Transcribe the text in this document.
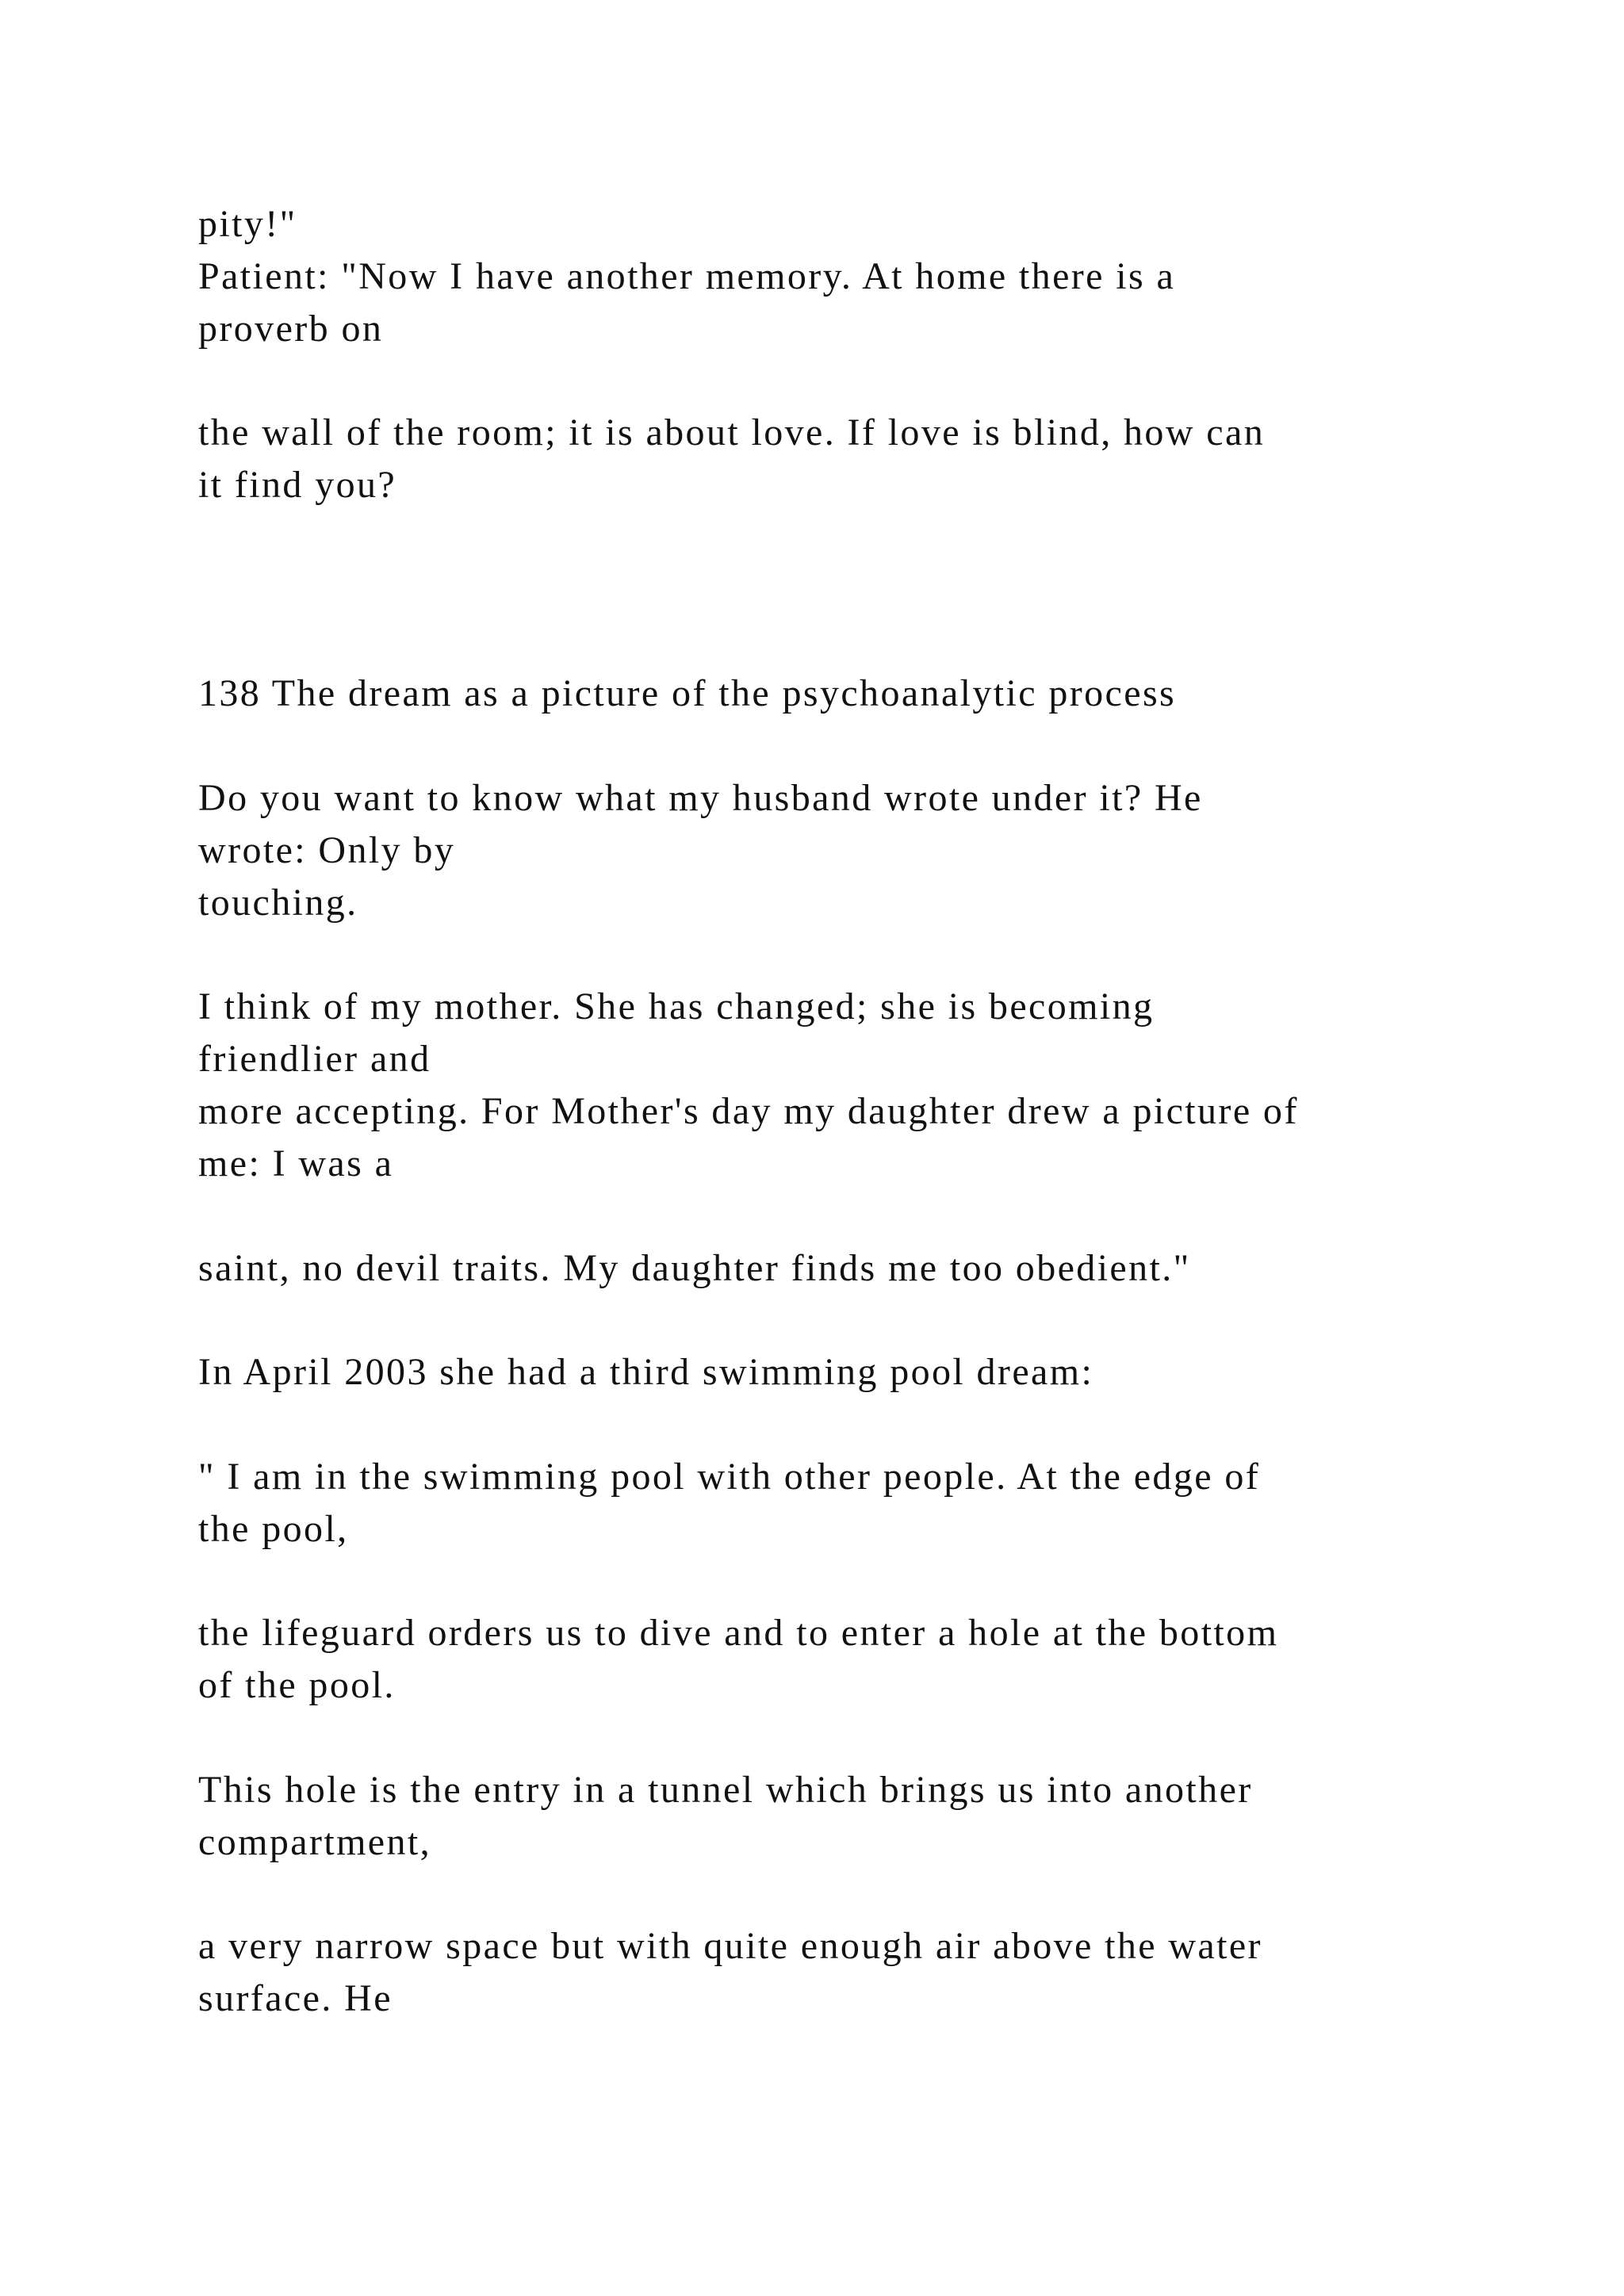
pity!"

Patient: "Now I have another memory. At home there is a

proverb on

the wall of the room; it is about love. If love is blind, how can

it find you?

138 The dream as a picture of the psychoanalytic process

Do you want to know what my husband wrote under it? He

wrote: Only by

touching.

I think of my mother. She has changed; she is becoming

friendlier and

more accepting. For Mother's day my daughter drew a picture of

me: I was a

saint, no devil traits. My daughter finds me too obedient."

In April 2003 she had a third swimming pool dream:

" I am in the swimming pool with other people. At the edge of

the pool,

the lifeguard orders us to dive and to enter a hole at the bottom

of the pool.

This hole is the entry in a tunnel which brings us into another

compartment,

a very narrow space but with quite enough air above the water

surface. He
